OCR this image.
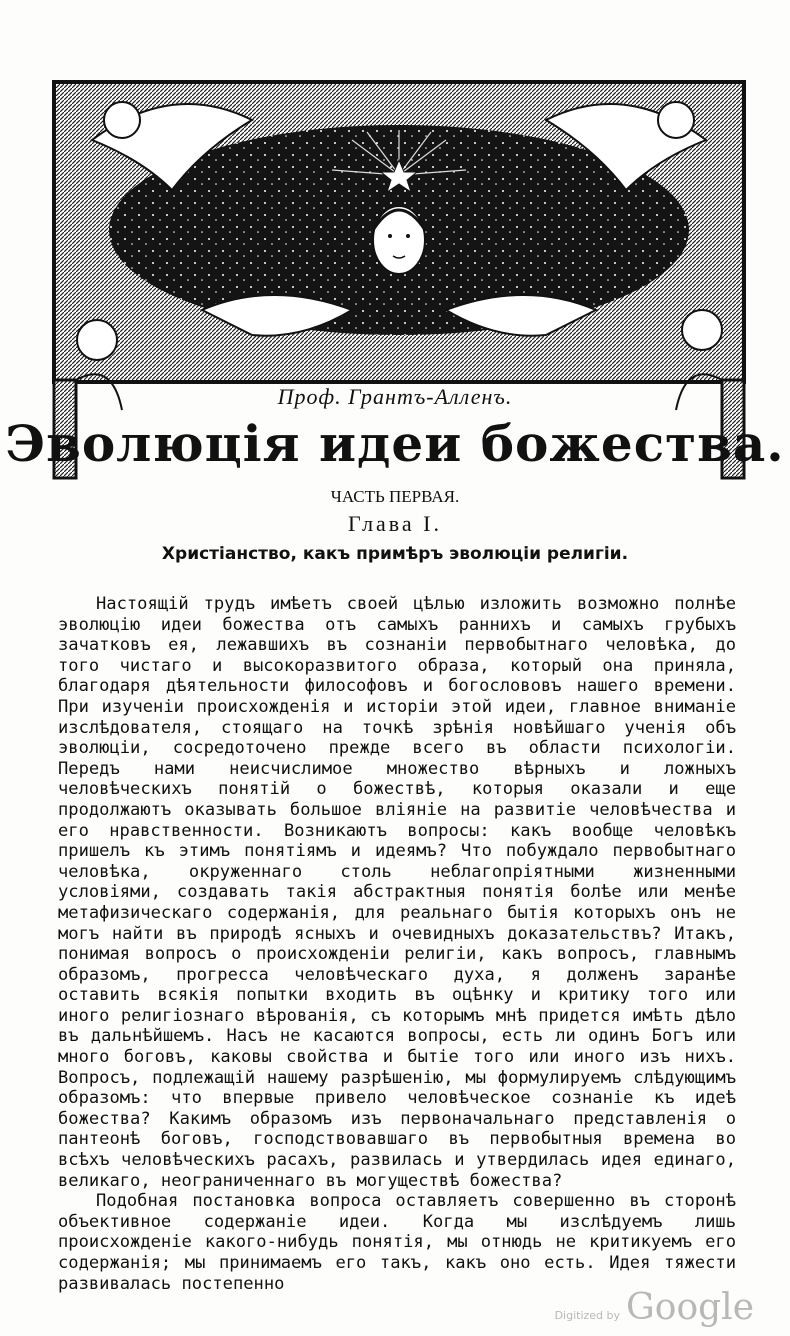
Проф. Грантъ-Алленъ.
Эволюція идеи божества.
ЧАСТЬ ПЕРВАЯ.
Глава I.
Христіанство, какъ примѣръ эволюціи религіи.

Настоящій трудъ имѣетъ своей цѣлью изложить возможно полнѣе эволюцію идеи божества отъ самыхъ раннихъ и самыхъ грубыхъ зачатковъ ея, лежавшихъ въ сознаніи первобытнаго человѣка, до того чистаго и высокоразвитого образа, который она приняла, благодаря дѣятельности философовъ и богослововъ нашего времени. При изученіи происхожденія и исторіи этой идеи, главное вниманіе изслѣдователя, стоящаго на точкѣ зрѣнія новѣйшаго ученія объ эволюціи, сосредоточено прежде всего въ области психологіи. Передъ нами неисчислимое множество вѣрныхъ и ложныхъ человѣческихъ понятій о божествѣ, которыя оказали и еще продолжаютъ оказывать большое вліяніе на развитіе человѣчества и его нравственности. Возникаютъ вопросы: какъ вообще человѣкъ пришелъ къ этимъ понятіямъ и идеямъ? Что побуждало первобытнаго человѣка, окруженнаго столь неблагопріятными жизненными условіями, создавать такія абстрактныя понятія болѣе или менѣе метафизическаго содержанія, для реальнаго бытія которыхъ онъ не могъ найти въ природѣ ясныхъ и очевидныхъ доказательствъ? Итакъ, понимая вопросъ о происхожденіи религіи, какъ вопросъ, главнымъ образомъ, прогресса человѣческаго духа, я долженъ заранѣе оставить всякія попытки входить въ оцѣнку и критику того или иного религіознаго вѣрованія, съ которымъ мнѣ придется имѣть дѣло въ дальнѣйшемъ. Насъ не касаются вопросы, есть ли одинъ Богъ или много боговъ, каковы свойства и бытіе того или иного изъ нихъ. Вопросъ, подлежащій нашему разрѣшенію, мы формулируемъ слѣдующимъ образомъ: что впервые привело человѣческое сознаніе къ идеѣ божества? Какимъ образомъ изъ первоначальнаго представленія о пантеонѣ боговъ, господствовавшаго въ первобытныя времена во всѣхъ человѣческихъ расахъ, развилась и утвердилась идея единаго, великаго, неограниченнаго въ могуществѣ божества?

Подобная постановка вопроса оставляетъ совершенно въ сторонѣ объективное содержаніе идеи. Когда мы изслѣдуемъ лишь происхожденіе какого-нибудь понятія, мы отнюдь не критикуемъ его содержанія; мы принимаемъ его такъ, какъ оно есть. Идея тяжести развивалась постепенно

Digitized by Google
